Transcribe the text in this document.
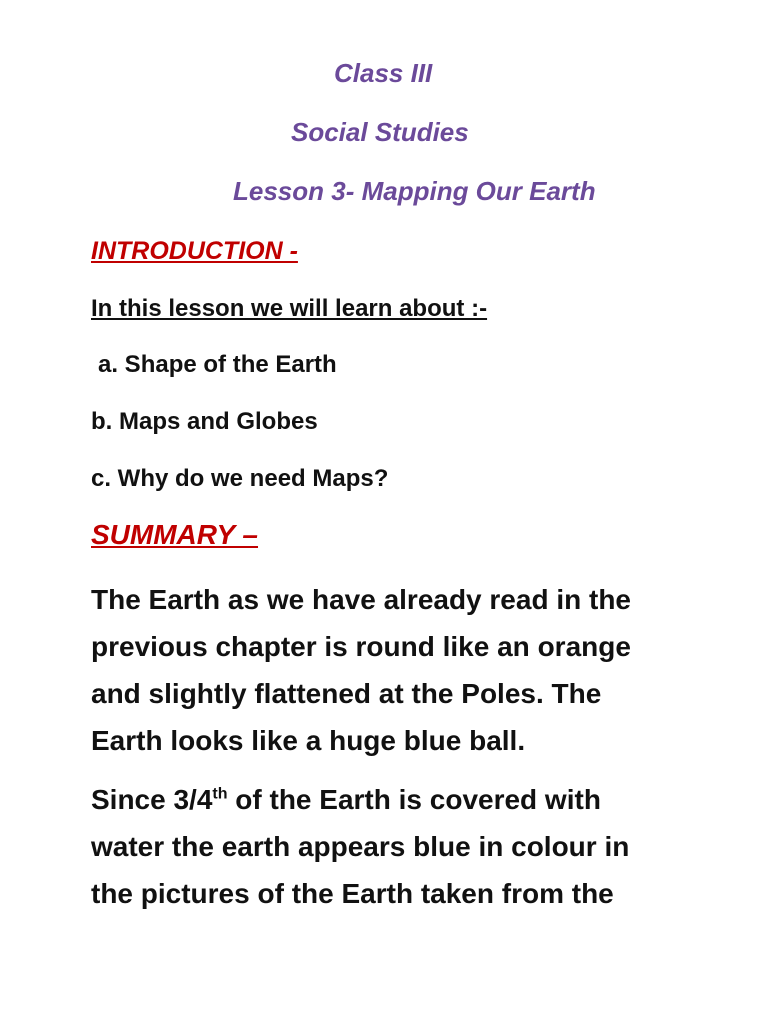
Class III
Social Studies
Lesson 3- Mapping Our Earth
INTRODUCTION -
In this lesson we will learn about :-
a. Shape of the Earth
b. Maps and Globes
c. Why do we need Maps?
SUMMARY –

The Earth as we have already read in the
previous chapter is round like an orange
and slightly flattened at the Poles. The
Earth looks like a huge blue ball.

Since 3/4th of the Earth is covered with
water the earth appears blue in colour in
the pictures of the Earth taken from the
